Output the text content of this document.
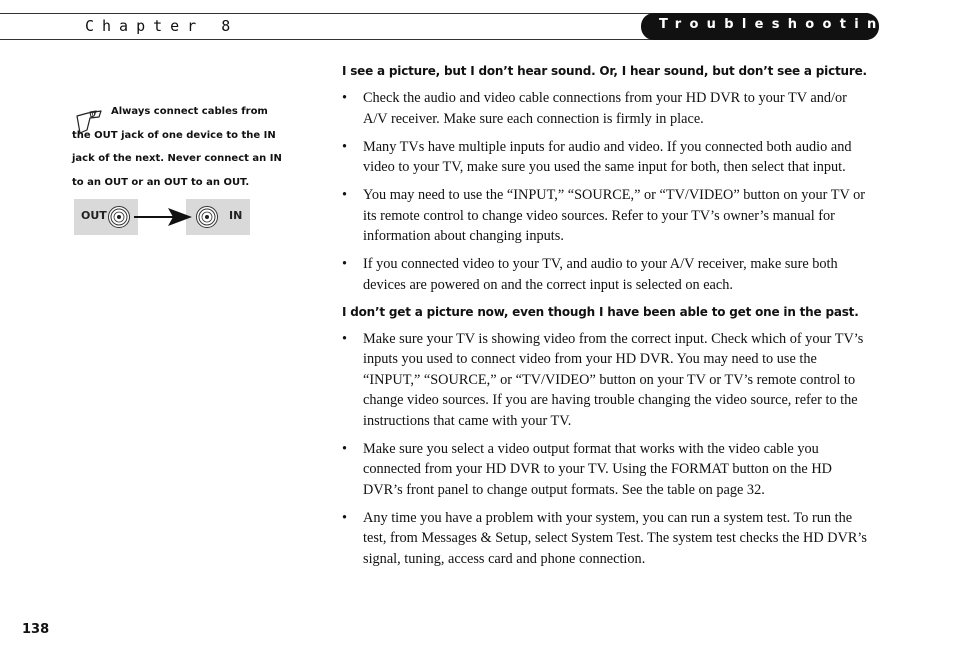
Chapter 8	Troubleshooting
Always connect cables from the OUT jack of one device to the IN jack of the next. Never connect an IN to an OUT or an OUT to an OUT.
OUT	IN
I see a picture, but I don’t hear sound. Or, I hear sound, but don’t see a picture.
• Check the audio and video cable connections from your HD DVR to your TV and/or A/V receiver. Make sure each connection is firmly in place.
• Many TVs have multiple inputs for audio and video. If you connected both audio and video to your TV, make sure you used the same input for both, then select that input.
• You may need to use the “INPUT,” “SOURCE,” or “TV/VIDEO” button on your TV or its remote control to change video sources. Refer to your TV’s owner’s manual for information about changing inputs.
• If you connected video to your TV, and audio to your A/V receiver, make sure both devices are powered on and the correct input is selected on each.
I don’t get a picture now, even though I have been able to get one in the past.
• Make sure your TV is showing video from the correct input. Check which of your TV’s inputs you used to connect video from your HD DVR. You may need to use the “INPUT,” “SOURCE,” or “TV/VIDEO” button on your TV or TV’s remote control to change video sources. If you are having trouble changing the video source, refer to the instructions that came with your TV.
• Make sure you select a video output format that works with the video cable you connected from your HD DVR to your TV. Using the FORMAT button on the HD DVR’s front panel to change output formats. See the table on page 32.
• Any time you have a problem with your system, you can run a system test. To run the test, from Messages & Setup, select System Test. The system test checks the HD DVR’s signal, tuning, access card and phone connection.
138
